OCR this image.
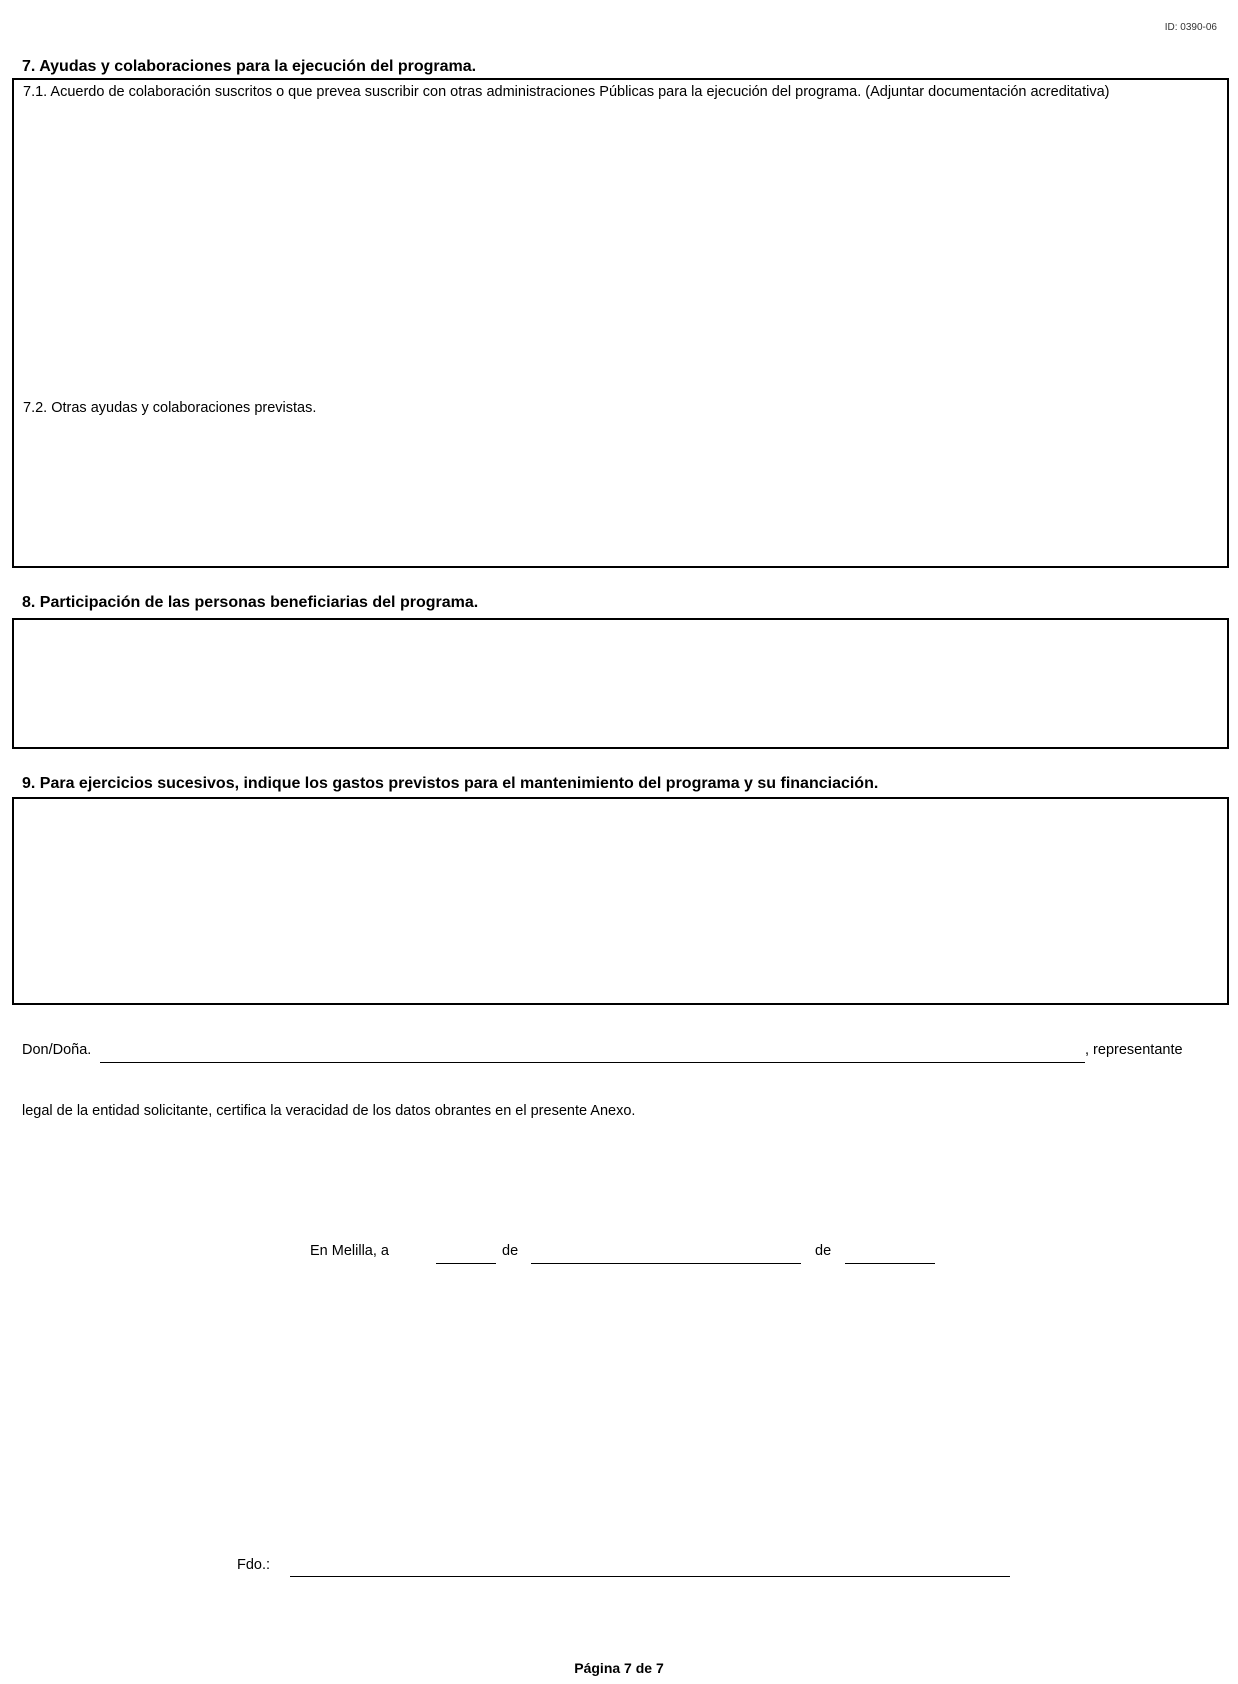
ID: 0390-06
7. Ayudas y colaboraciones para la ejecución del programa.
7.1. Acuerdo de colaboración suscritos o que prevea suscribir con otras administraciones Públicas para la ejecución del programa. (Adjuntar documentación acreditativa)
7.2. Otras ayudas y colaboraciones previstas.
8. Participación de las personas beneficiarias del programa.
9. Para ejercicios sucesivos, indique los gastos previstos para el mantenimiento del programa y su financiación.
Don/Doña.	, representante
legal de la entidad solicitante, certifica la veracidad de los datos obrantes en el presente Anexo.
En Melilla, a	de	de
Fdo.:
Página 7 de 7
